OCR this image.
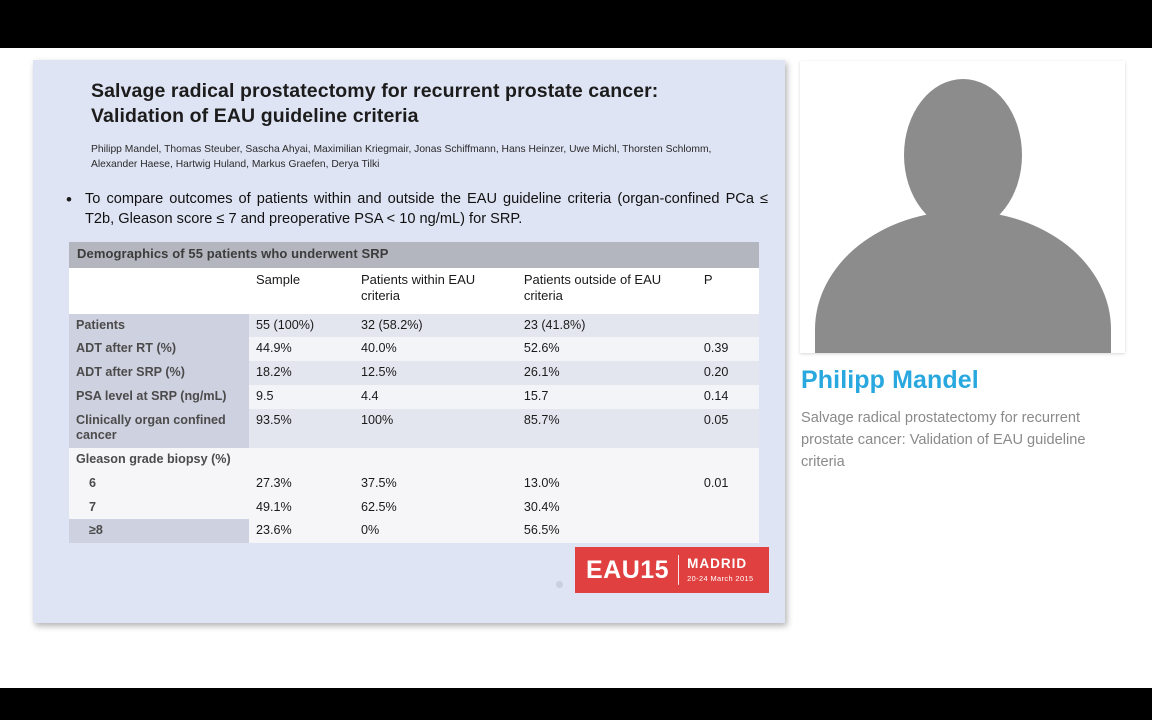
Salvage radical prostatectomy for recurrent prostate cancer: Validation of EAU guideline criteria
Philipp Mandel, Thomas Steuber, Sascha Ahyai, Maximilian Kriegmair, Jonas Schiffmann, Hans Heinzer, Uwe Michl, Thorsten Schlomm, Alexander Haese, Hartwig Huland, Markus Graefen, Derya Tilki
• To compare outcomes of patients within and outside the EAU guideline criteria (organ-confined PCa ≤ T2b, Gleason score ≤ 7 and preoperative PSA < 10 ng/mL) for SRP.
Demographics of 55 patients who underwent SRP				
	Sample	Patients within EAU criteria	Patients outside of EAU criteria	P
Patients	55 (100%)	32 (58.2%)	23 (41.8%)	
ADT after RT (%)	44.9%	40.0%	52.6%	0.39
ADT after SRP (%)	18.2%	12.5%	26.1%	0.20
PSA level at SRP (ng/mL)	9.5	4.4	15.7	0.14
Clinically organ confined cancer	93.5%	100%	85.7%	0.05
Gleason grade biopsy (%)				
6	27.3%	37.5%	13.0%	0.01
7	49.1%	62.5%	30.4%	
≥8	23.6%	0%	56.5%	
EAU15 MADRID
20-24 March 2015
Philipp Mandel
Salvage radical prostatectomy for recurrent prostate cancer: Validation of EAU guideline criteria
